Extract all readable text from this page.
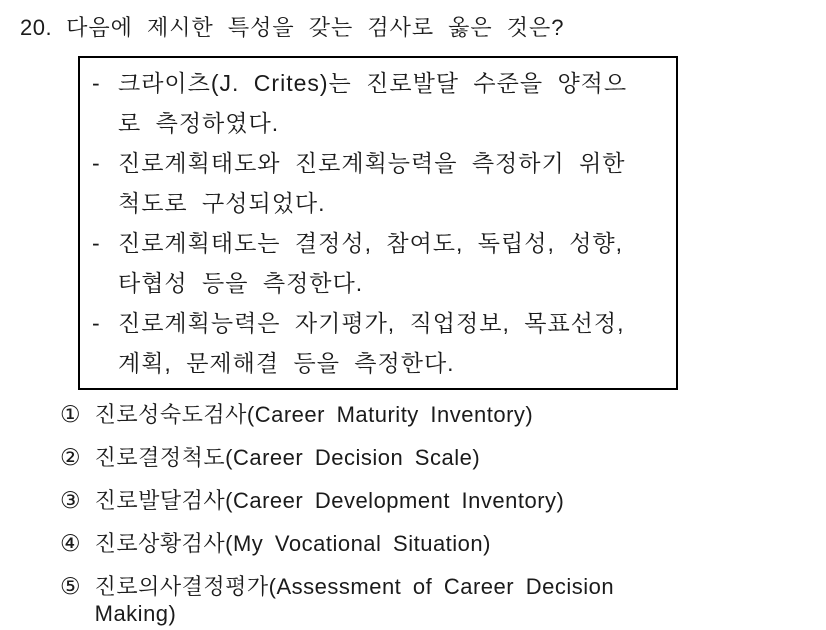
20. 다음에 제시한 특성을 갖는 검사로 옳은 것은?
- 크라이츠(J. Crites)는 진로발달 수준을 양적으
로 측정하였다.
- 진로계획태도와 진로계획능력을 측정하기 위한
척도로 구성되었다.
- 진로계획태도는 결정성, 참여도, 독립성, 성향,
타협성 등을 측정한다.
- 진로계획능력은 자기평가, 직업정보, 목표선정,
계획, 문제해결 등을 측정한다.
① 진로성숙도검사(Career Maturity Inventory)
② 진로결정척도(Career Decision Scale)
③ 진로발달검사(Career Development Inventory)
④ 진로상황검사(My Vocational Situation)
⑤ 진로의사결정평가(Assessment of Career Decision
Making)
